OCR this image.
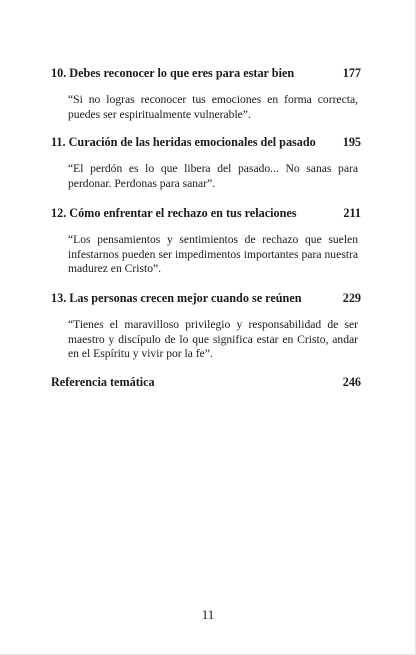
10. Debes reconocer lo que eres para estar bien	177
“Si no logras reconocer tus emociones en forma correcta, puedes ser espiritualmente vulnerable”.
11. Curación de las heridas emocionales del pasado 195
“El perdón es lo que libera del pasado... No sanas para perdonar. Perdonas para sanar”.
12. Cómo enfrentar el rechazo en tus relaciones	211
“Los pensamientos y sentimientos de rechazo que suelen infestarnos pueden ser impedimentos importantes para nuestra madurez en Cristo”.
13. Las personas crecen mejor cuando se reúnen	229
“Tienes el maravilloso privilegio y responsabilidad de ser maestro y discípulo de lo que significa estar en Cristo, andar en el Espíritu y vivir por la fe”.
Referencia temática	246
11
